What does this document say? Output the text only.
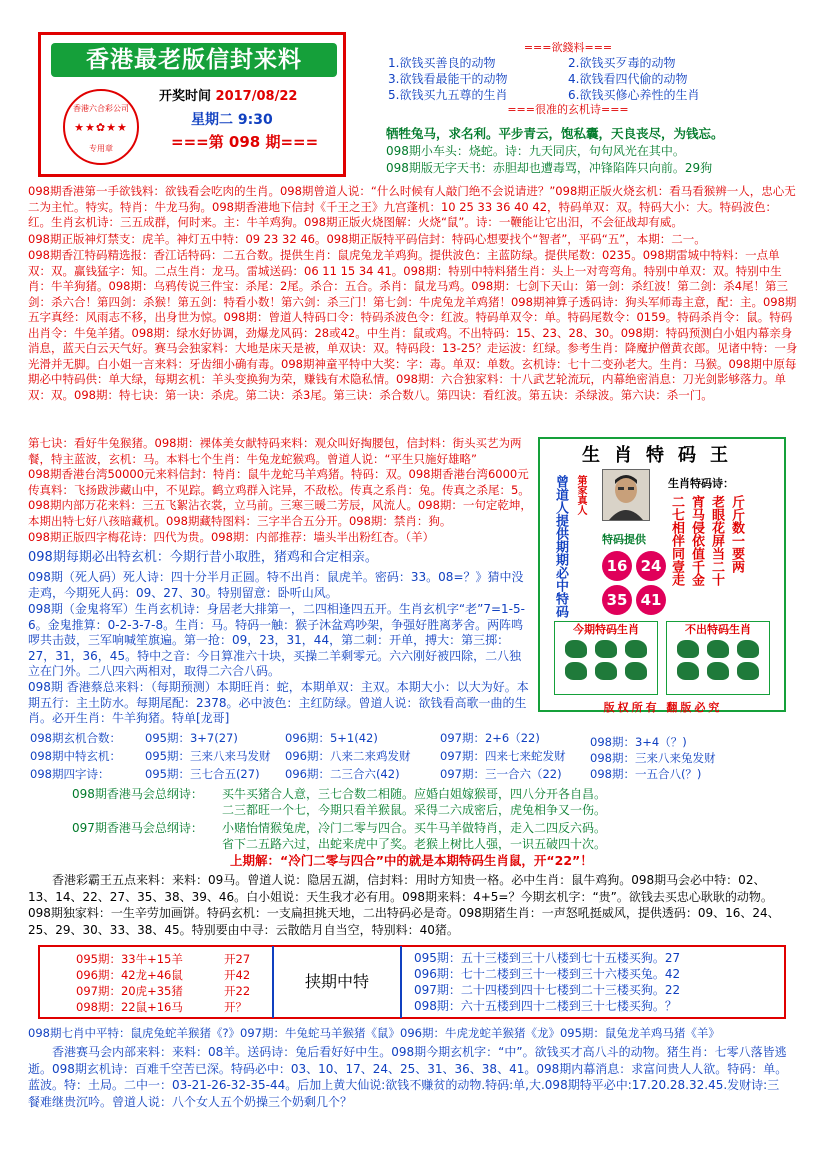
香港最老版信封来料
香港六合彩公司
★★✿★★
专用章
开奖时间 2017/08/22
星期二 9:30
===第 098 期===
===欲錢料===
1.欲钱买善良的动物	2.欲钱买歹毒的动物
3.欲钱看最能干的动物	4.欲钱看四代偷的动物
5.欲钱买九五尊的生肖	6.欲钱买修心养性的生肖
===很准的玄机诗===
牺牲兔马，求名利。平步青云，饱私囊，天良丧尽，为钱忘。
098期小车头：烧蛇。诗：九天同庆，句句风光在其中。
098期版无字天书：赤胆却也遭毒骂，冲锋陷阵只向前。29狗
098期香港第一手欲钱料：欲钱看会吃肉的生肖。098期曾道人说：“什么时候有人敲门绝不会说请进？”098期正版火烧玄机：看马看猴辨一人，忠心无二为主忙。特实。特肖：牛龙马狗。098期香港地下信封《千王之王》九宫蓬机：10 25 33 36 40 42，特码单双：双。特码大小：大。特码波色：红。生肖玄机诗：三五成群，何时来。主：牛羊鸡狗。098期正版火烧图解：火烧“鼠”。诗：一鞭能让它出汨，不会征战却有威。
098期正版神灯禁支：虎羊。神灯五中特：09 23 32 46。098期正版特平码信封：特码心想要找个“智者”，平码“五”，本期：二一。
098期香江特码精选报：香江话特码：二五合数。提供生肖：鼠虎兔龙羊鸡狗。提供波色：主蓝防绿。提供尾数：0235。098期雷城中特料：一点单双：双。赢钱猛字：知。二点生肖：龙马。雷城送码：06 11 15 34 41。098期：特别中特料猪生肖：头上一对弯弯角。特别中单双：双。特别中生肖：牛羊狗猪。098期：乌鸦传说三件宝：杀尾：2尾。杀合：五合。杀肖：鼠龙马鸡。098期：七剑下天山：第一剑：杀红波！第二剑：杀4尾！第三剑：杀六合！第四剑：杀猴！第五剑：特看小数！第六剑：杀三门！第七剑：牛虎兔龙羊鸡猪！098期神算子透码诗：狗头军师毒主意，配：主。098期五字真经：风雨志不移，出身世为惊。098期：曾道人特码口令：特码杀波色令：红波。特码单双令：单。特码尾数令：0159。特码杀肖令：鼠。特码出肖令：牛兔羊猪。098期：绿水好协调，劲爆龙风码：28或42。中生肖：鼠或鸡。不出特码：15、23、28、30。098期：特码预测白小姐内幕亲身消息，蓝天白云天气好。赛马会独家料：大地是床天是被，单双诀：双。特码段：13-25？走运波：红绿。参考生肖：降魔护僧黄衣郎。见诸中特：一身光滑并无脚。白小姐一言来料：牙齿细小确有毒。098期神童平特中大奖：字：毒。单双：单数。玄机诗：七十二变孙老大。生肖：马猴。098期中原每期必中特码供：单大绿，每期玄机：羊头变换狗为荣，赚钱有术隐私情。098期：六合独家料：十八武艺轮流玩，内幕绝密消息：刀光剑影够落力。单双：双。098期：特七诀：第一诀：杀虎。第二诀：杀3尾。第三诀：杀合数八。第四诀：看红波。第五诀：杀绿波。第六诀：杀一门。
第七诀：看好牛兔猴猪。098期：裸体美女献特码来料：观众叫好掏腰包，信封料：街头买艺为两餐，特主蓝波，玄机：马。本料七个生肖：牛兔龙蛇猴鸡。曾道人说：“平生只施好雄略”
098期香港台湾50000元来料信封：特肖：鼠牛龙蛇马羊鸡猪。特码：双。098期香港台湾6000元传真料：飞扬跋涉藏山中，不见踪。鹤立鸡群入诧异，不敌松。传真之系肖：兔。传真之杀尾：5。
098期内部万花来料：三五飞絮沾衣裳，立马前。三寒三暖二芳辰，风流人。098期：一句定乾坤，本期出特七好八孩暗藏机。098期藏特图料：三字半合五分开。098期：禁肖：狗。
098期正版四字梅花诗：四代为贵。098期：内部推荐：墙头半出粉红杏。（羊）
098期每期必出特玄机：今期行昔小取胜，猪鸡和合定相亲。
098期（死人码）死人诗：四十分半月正圆。特不出肖：鼠虎羊。密码：33。08=？》猜中没走鸡，今期死人码：09、27、30。特别留意：卧听山风。
098期（金鬼将军）生肖玄机诗：身居老大排第一，二四相逢四五开。生肖玄机字“老”7=1-5-6。金鬼推算：0-2-3-7-8。生肖：马。特码一触：猴子沐盆鸡吵架，争强好胜离茅舍。两阵鸣啰共击鼓，三军响喊笙旗遍。第一抢：09，23，31，44，第二刺：开单，搏大：第三掷：27，31，36，45。特中之音：今日算准六十块，买操二羊剩零元。六六刚好被四除，二八独立在门外。二八四六两相对，取得二六合八码。
098期 香港蔡总来料：（每期预测）本期旺肖：蛇，本期单双：主双。本期大小：以大为好。本期五行：主土防水。每期尾配：2378。必中波色：主红防绿。曾道人说：欲钱看高歌一曲的生肖。必开生肖：牛羊狗猪。特单[龙哥]
生肖特码王
曾道人提供期期必中特码 第家真人	生肖特码诗：
二七相伴同壹走 宵马侵依值千金 老眼花屏当二十 斤斤数一要两
特码提供
16 24
35 41
今期特码生肖	不出特码生肖
版权所有 翻版必究
098期玄机合数：	095期：3+7(27)	096期：5+1(42)	097期：2+6（22)	098期：3+4（？)
098期中特玄机：	095期：三来八来马发财 096期：八来二来鸡发财	097期：四来七来蛇发财 098期：三来八来兔发财
098期四字诗：	095期：三七合五(27) 096期：二三合六(42)	097期：三一合六（22) 098期：一五合八(？)
098期香港马会总纲诗： 买牛买猪合人意，三七合数二相随。应婚白姐嫁猴哥，四八分开各自昌。
二三都旺一个七，今期只看羊猴鼠。采得二六成密后，虎兔相争又一伤。
097期香港马会总纲诗： 小赌怡情猴兔虎，冷门二零与四合。买牛马羊做特肖，走入二四反六码。
省下二五路六过，出蛇来虎中了奖。老猴上树比人强，一识五破四十次。
上期解：“冷门二零与四合”中的就是本期特码生肖鼠，开“22”！
香港彩霸王五点来料：来料：09马。曾道人说：隐居五湖，信封料：用时方知贵一格。必中生肖：鼠牛鸡狗。098期马会必中特：02、13、14、22、27、35、38、39、46。白小姐说：天生我才必有用。098期来料：4+5=？今期玄机字：“贵”。欲钱去买忠心耿耿的动物。098期独家料：一生辛劳加画饼。特码玄机：一支扁担挑天地，二出特码必是奇。098期猪生肖：一声怒吼挺威风，提供透码：09、16、24、25、29、30、33、38、45。特别要由中寻：云散皓月自当空，特别料：40猪。
095期：33牛+15羊	开27
096期：42龙+46鼠	开42
097期：20虎+35猪	开22
098期：22鼠+16马	开？
挟期中特
095期：五十三楼到三十八楼到七十五楼买狗。27
096期：七十二楼到三十一楼到三十六楼买兔。42
097期：二十四楼到四十七楼到二十三楼买狗。22
098期：六十五楼到四十二楼到三十七楼买狗。？
098期七肖中平特：鼠虎兔蛇羊猴猪《?》097期：牛兔蛇马羊猴猪《鼠》096期：牛虎龙蛇羊猴猪《龙》095期：鼠兔龙羊鸡马猪《羊》
香港赛马会内部来料：来料：08羊。送码诗：兔后看好好中生。098期今期玄机字：“中”。欲钱买才高八斗的动物。猪生肖：七零八落皆逃逝。098期玄机诗：百难千空苦已深。特码必中：03、10、17、24、25、31、36、38、41。098期内幕消息：求富问贵人人欲。特码：单。蓝波。特：土局。二中一：03-21-26-32-35-44。后加上黄大仙说:欲钱不赚贫的动物.特码:单,大.098期特平必中:17.20.28.32.45.发财诗:三餐难继贵沉吟。曾道人说：八个女人五个奶操三个奶剩几个？
